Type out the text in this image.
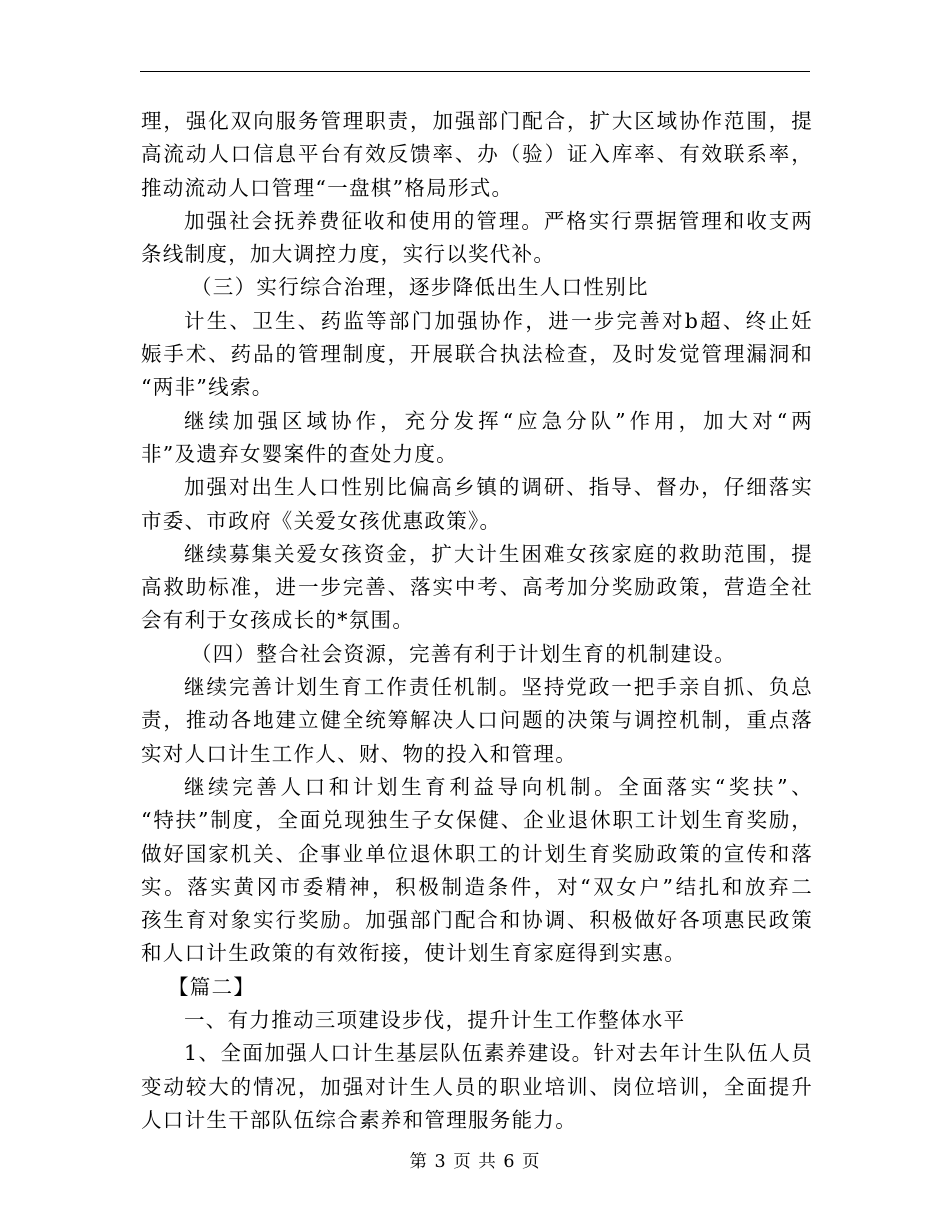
理，强化双向服务管理职责，加强部门配合，扩大区域协作范围，提
高流动人口信息平台有效反馈率、办（验）证入库率、有效联系率，
推动流动人口管理“一盘棋”格局形式。
加强社会抚养费征收和使用的管理。严格实行票据管理和收支两
条线制度，加大调控力度，实行以奖代补。
（三）实行综合治理，逐步降低出生人口性别比
计生、卫生、药监等部门加强协作，进一步完善对b超、终止妊
娠手术、药品的管理制度，开展联合执法检查，及时发觉管理漏洞和
“两非”线索。
继续加强区域协作，充分发挥“应急分队”作用，加大对“两
非”及遗弃女婴案件的查处力度。
加强对出生人口性别比偏高乡镇的调研、指导、督办，仔细落实
市委、市政府《关爱女孩优惠政策》。
继续募集关爱女孩资金，扩大计生困难女孩家庭的救助范围，提
高救助标准，进一步完善、落实中考、高考加分奖励政策，营造全社
会有利于女孩成长的*氛围。
（四）整合社会资源，完善有利于计划生育的机制建设。
继续完善计划生育工作责任机制。坚持党政一把手亲自抓、负总
责，推动各地建立健全统筹解决人口问题的决策与调控机制，重点落
实对人口计生工作人、财、物的投入和管理。
继续完善人口和计划生育利益导向机制。全面落实“奖扶”、
“特扶”制度，全面兑现独生子女保健、企业退休职工计划生育奖励，
做好国家机关、企事业单位退休职工的计划生育奖励政策的宣传和落
实。落实黄冈市委精神，积极制造条件，对“双女户”结扎和放弃二
孩生育对象实行奖励。加强部门配合和协调、积极做好各项惠民政策
和人口计生政策的有效衔接，使计划生育家庭得到实惠。
【篇二】
一、有力推动三项建设步伐，提升计生工作整体水平
1、全面加强人口计生基层队伍素养建设。针对去年计生队伍人员
变动较大的情况，加强对计生人员的职业培训、岗位培训，全面提升
人口计生干部队伍综合素养和管理服务能力。
第 3 页 共 6 页
